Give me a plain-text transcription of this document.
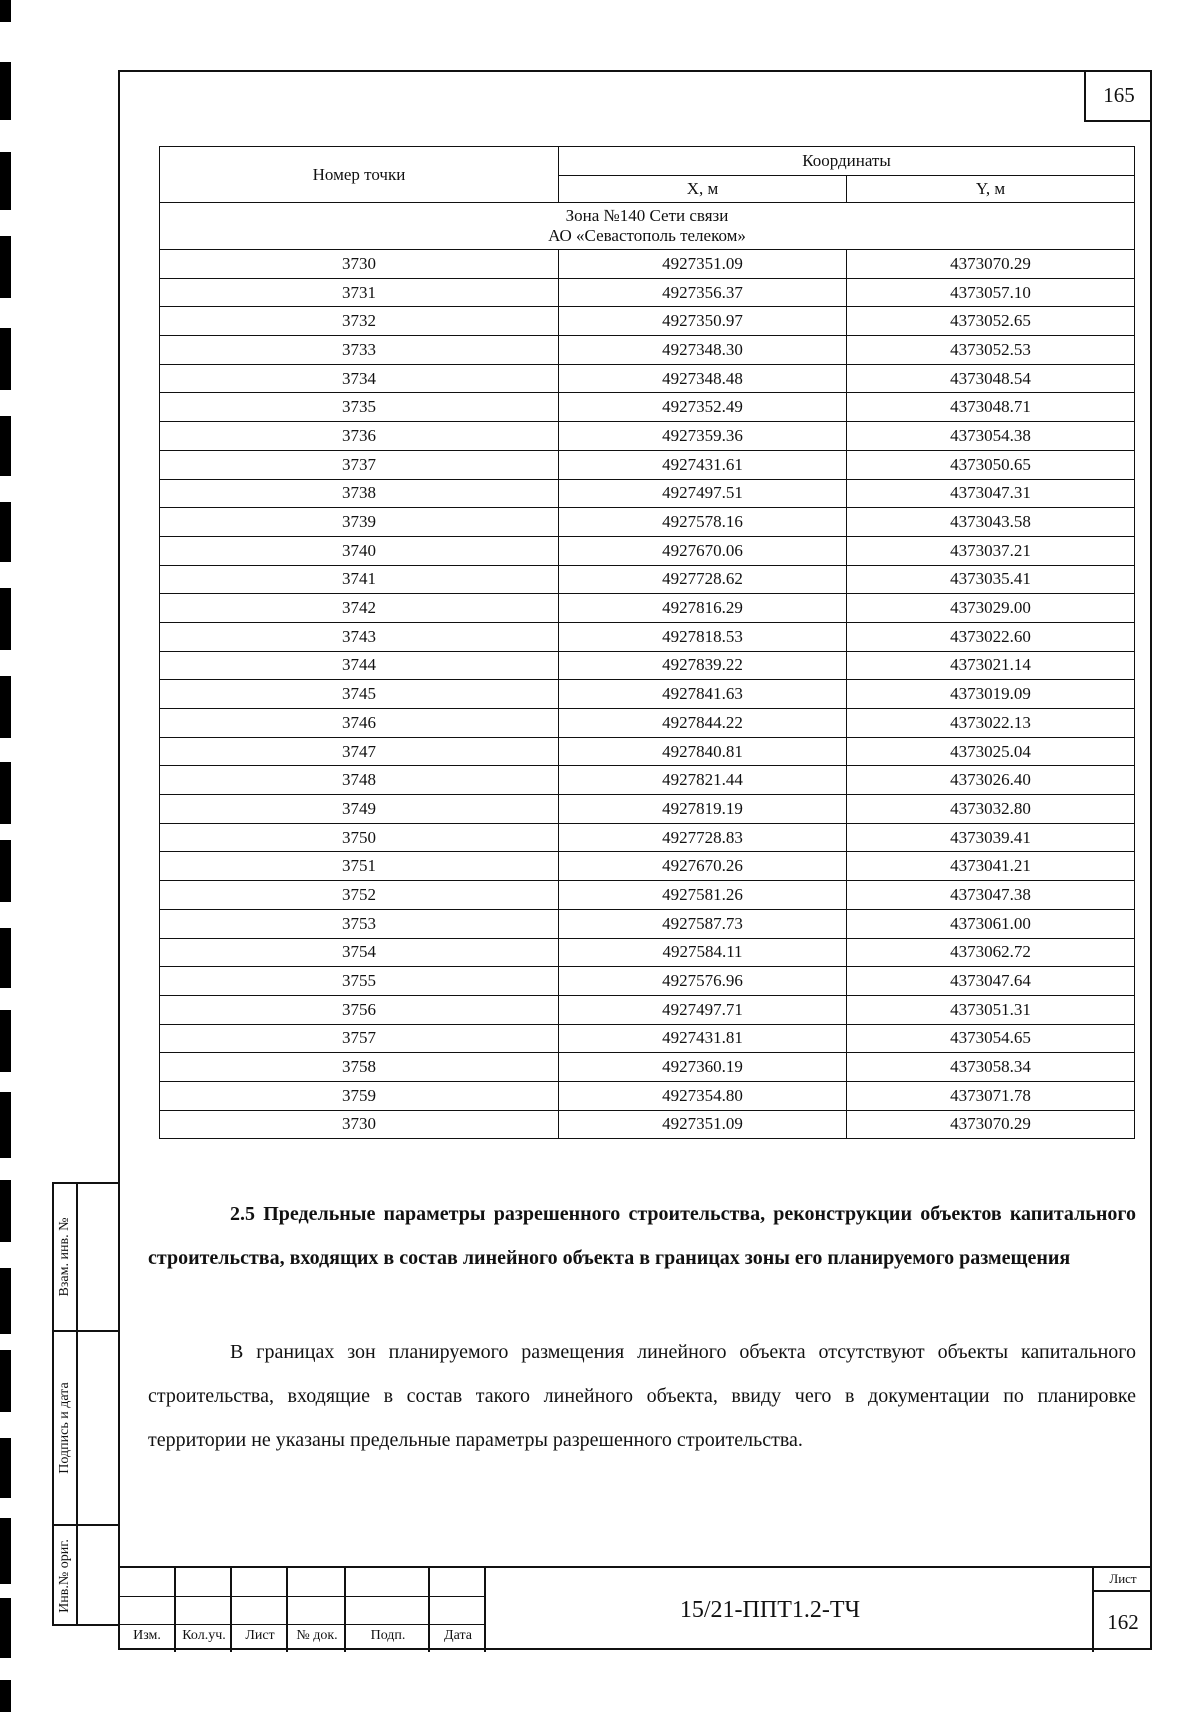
165
Номер точки	Координаты	
	X, м	Y, м

Зона №140 Сети связи
АО «Севастополь телеком»		

3730	4927351.09	4373070.29
3731	4927356.37	4373057.10
3732	4927350.97	4373052.65
3733	4927348.30	4373052.53
3734	4927348.48	4373048.54
3735	4927352.49	4373048.71
3736	4927359.36	4373054.38
3737	4927431.61	4373050.65
3738	4927497.51	4373047.31
3739	4927578.16	4373043.58
3740	4927670.06	4373037.21
3741	4927728.62	4373035.41
3742	4927816.29	4373029.00
3743	4927818.53	4373022.60
3744	4927839.22	4373021.14
3745	4927841.63	4373019.09
3746	4927844.22	4373022.13
3747	4927840.81	4373025.04
3748	4927821.44	4373026.40
3749	4927819.19	4373032.80
3750	4927728.83	4373039.41
3751	4927670.26	4373041.21
3752	4927581.26	4373047.38
3753	4927587.73	4373061.00
3754	4927584.11	4373062.72
3755	4927576.96	4373047.64
3756	4927497.71	4373051.31
3757	4927431.81	4373054.65
3758	4927360.19	4373058.34
3759	4927354.80	4373071.78
3730	4927351.09	4373070.29
2.5 Предельные параметры разрешенного строительства, реконструкции объектов капитального строительства, входящих в состав линейного объекта в границах зоны его планируемого размещения
В границах зон планируемого размещения линейного объекта отсутствуют объекты капитального строительства, входящие в состав такого линейного объекта, ввиду чего в документации по планировке территории не указаны предельные параметры разрешенного строительства.
Взам. инв. №
Подпись и дата
Инв.№ ориг.
Изм.	Кол.уч.	Лист	№ док.	Подп.	Дата
15/21-ППТ1.2-ТЧ
Лист
162
